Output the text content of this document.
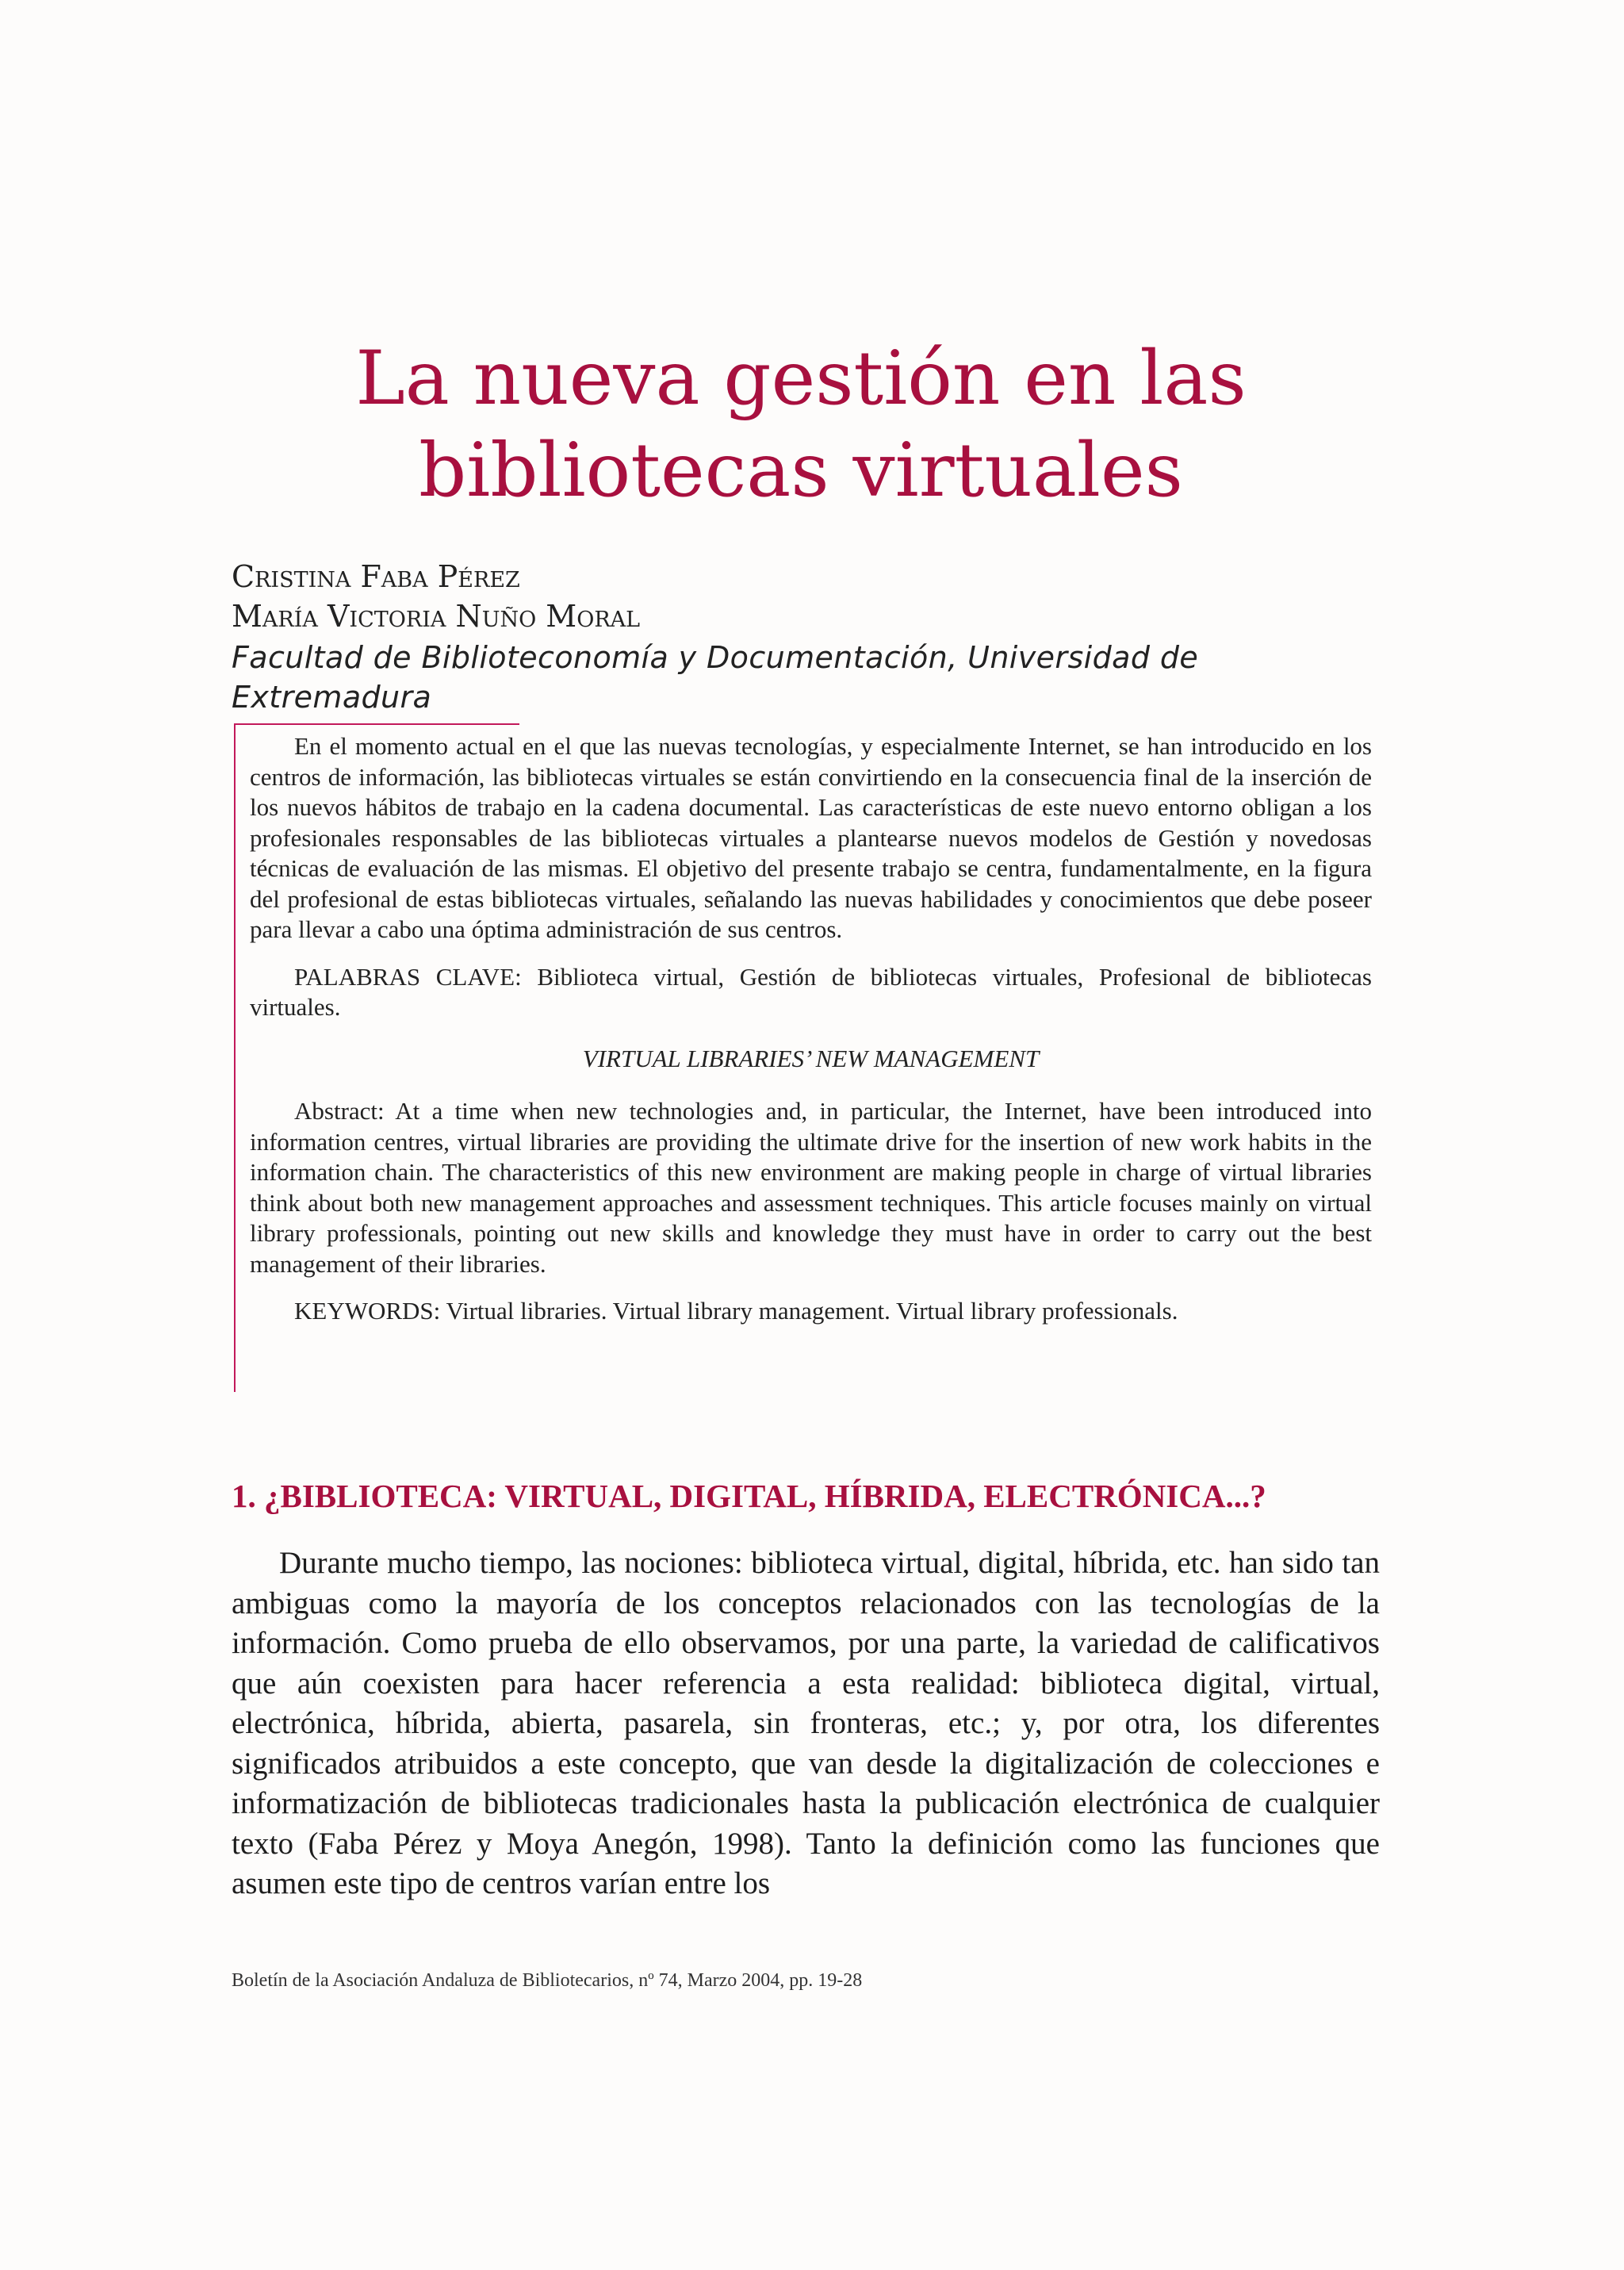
La nueva gestión en las
bibliotecas virtuales
Cristina Faba Pérez
María Victoria Nuño Moral
Facultad de Biblioteconomía y Documentación, Universidad de Extremadura

En el momento actual en el que las nuevas tecnologías, y especialmente Internet, se han introducido en los centros de información, las bibliotecas virtuales se están convirtiendo en la consecuencia final de la inserción de los nuevos hábitos de trabajo en la cadena documental. Las características de este nuevo entorno obligan a los profesionales responsables de las bibliotecas virtuales a plantearse nuevos modelos de Gestión y novedosas técnicas de evaluación de las mismas. El objetivo del presente trabajo se centra, fundamentalmente, en la figura del profesional de estas bibliotecas virtuales, señalando las nuevas habilidades y conocimientos que debe poseer para llevar a cabo una óptima administración de sus centros.

PALABRAS CLAVE: Biblioteca virtual, Gestión de bibliotecas virtuales, Profesional de bibliotecas virtuales.

VIRTUAL LIBRARIES’ NEW MANAGEMENT

Abstract: At a time when new technologies and, in particular, the Internet, have been introduced into information centres, virtual libraries are providing the ultimate drive for the insertion of new work habits in the information chain. The characteristics of this new environment are making people in charge of virtual libraries think about both new management approaches and assessment techniques. This article focuses mainly on virtual library professionals, pointing out new skills and knowledge they must have in order to carry out the best management of their libraries.

KEYWORDS: Virtual libraries. Virtual library management. Virtual library professionals.

1. ¿BIBLIOTECA: VIRTUAL, DIGITAL, HÍBRIDA, ELECTRÓNICA...?

Durante mucho tiempo, las nociones: biblioteca virtual, digital, híbrida, etc. han sido tan ambiguas como la mayoría de los conceptos relacionados con las tecnologías de la información. Como prueba de ello observamos, por una parte, la variedad de calificativos que aún coexisten para hacer referencia a esta realidad: biblioteca digital, virtual, electrónica, híbrida, abierta, pasarela, sin fronteras, etc.; y, por otra, los diferentes significados atribuidos a este concepto, que van desde la digitalización de colecciones e informatización de bibliotecas tradicionales hasta la publicación electrónica de cualquier texto (Faba Pérez y Moya Anegón, 1998). Tanto la definición como las funciones que asumen este tipo de centros varían entre los

Boletín de la Asociación Andaluza de Bibliotecarios, nº 74, Marzo 2004, pp. 19-28
